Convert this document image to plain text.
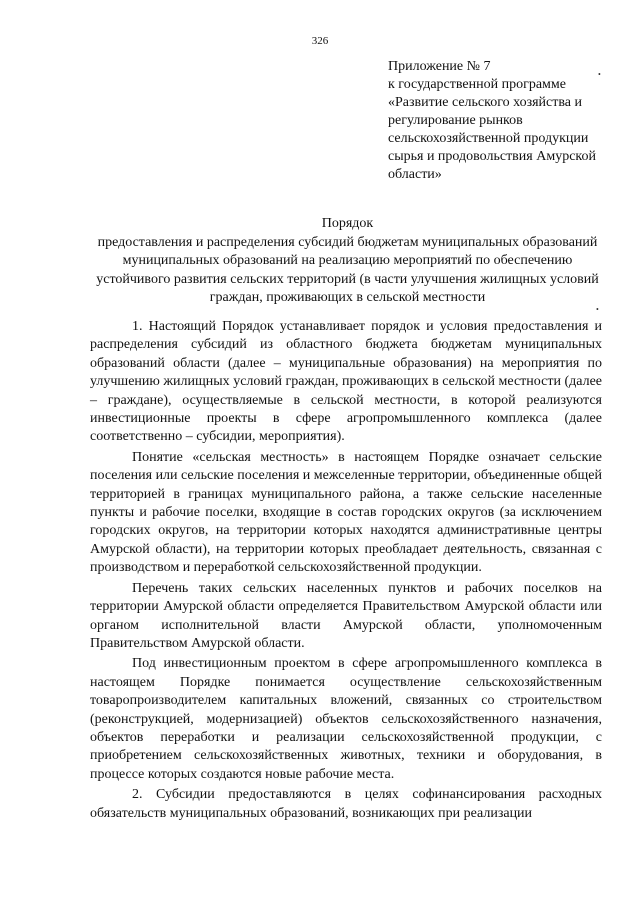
326
Приложение № 7
к государственной программе
«Развитие сельского хозяйства и
регулирование рынков
сельскохозяйственной продукции
сырья и продовольствия Амурской
области»
Порядок
предоставления и распределения субсидий бюджетам муниципальных образований муниципальных образований на реализацию мероприятий по обеспечению устойчивого развития сельских территорий (в части улучшения жилищных условий граждан, проживающих в сельской местности

1. Настоящий Порядок устанавливает порядок и условия предоставления и распределения субсидий из областного бюджета бюджетам муниципальных образований области (далее – муниципальные образования) на мероприятия по улучшению жилищных условий граждан, проживающих в сельской местности (далее – граждане), осуществляемые в сельской местности, в которой реализуются инвестиционные проекты в сфере агропромышленного комплекса (далее соответственно – субсидии, мероприятия).

Понятие «сельская местность» в настоящем Порядке означает сельские поселения или сельские поселения и межселенные территории, объединенные общей территорией в границах муниципального района, а также сельские населенные пункты и рабочие поселки, входящие в состав городских округов (за исключением городских округов, на территории которых находятся административные центры Амурской области), на территории которых преобладает деятельность, связанная с производством и переработкой сельскохозяйственной продукции.

Перечень таких сельских населенных пунктов и рабочих поселков на территории Амурской области определяется Правительством Амурской области или органом исполнительной власти Амурской области, уполномоченным Правительством Амурской области.

Под инвестиционным проектом в сфере агропромышленного комплекса в настоящем Порядке понимается осуществление сельскохозяйственным товаропроизводителем капитальных вложений, связанных со строительством (реконструкцией, модернизацией) объектов сельскохозяйственного назначения, объектов переработки и реализации сельскохозяйственной продукции, с приобретением сельскохозяйственных животных, техники и оборудования, в процессе которых создаются новые рабочие места.

2. Субсидии предоставляются в целях софинансирования расходных обязательств муниципальных образований, возникающих при реализации

•
•
